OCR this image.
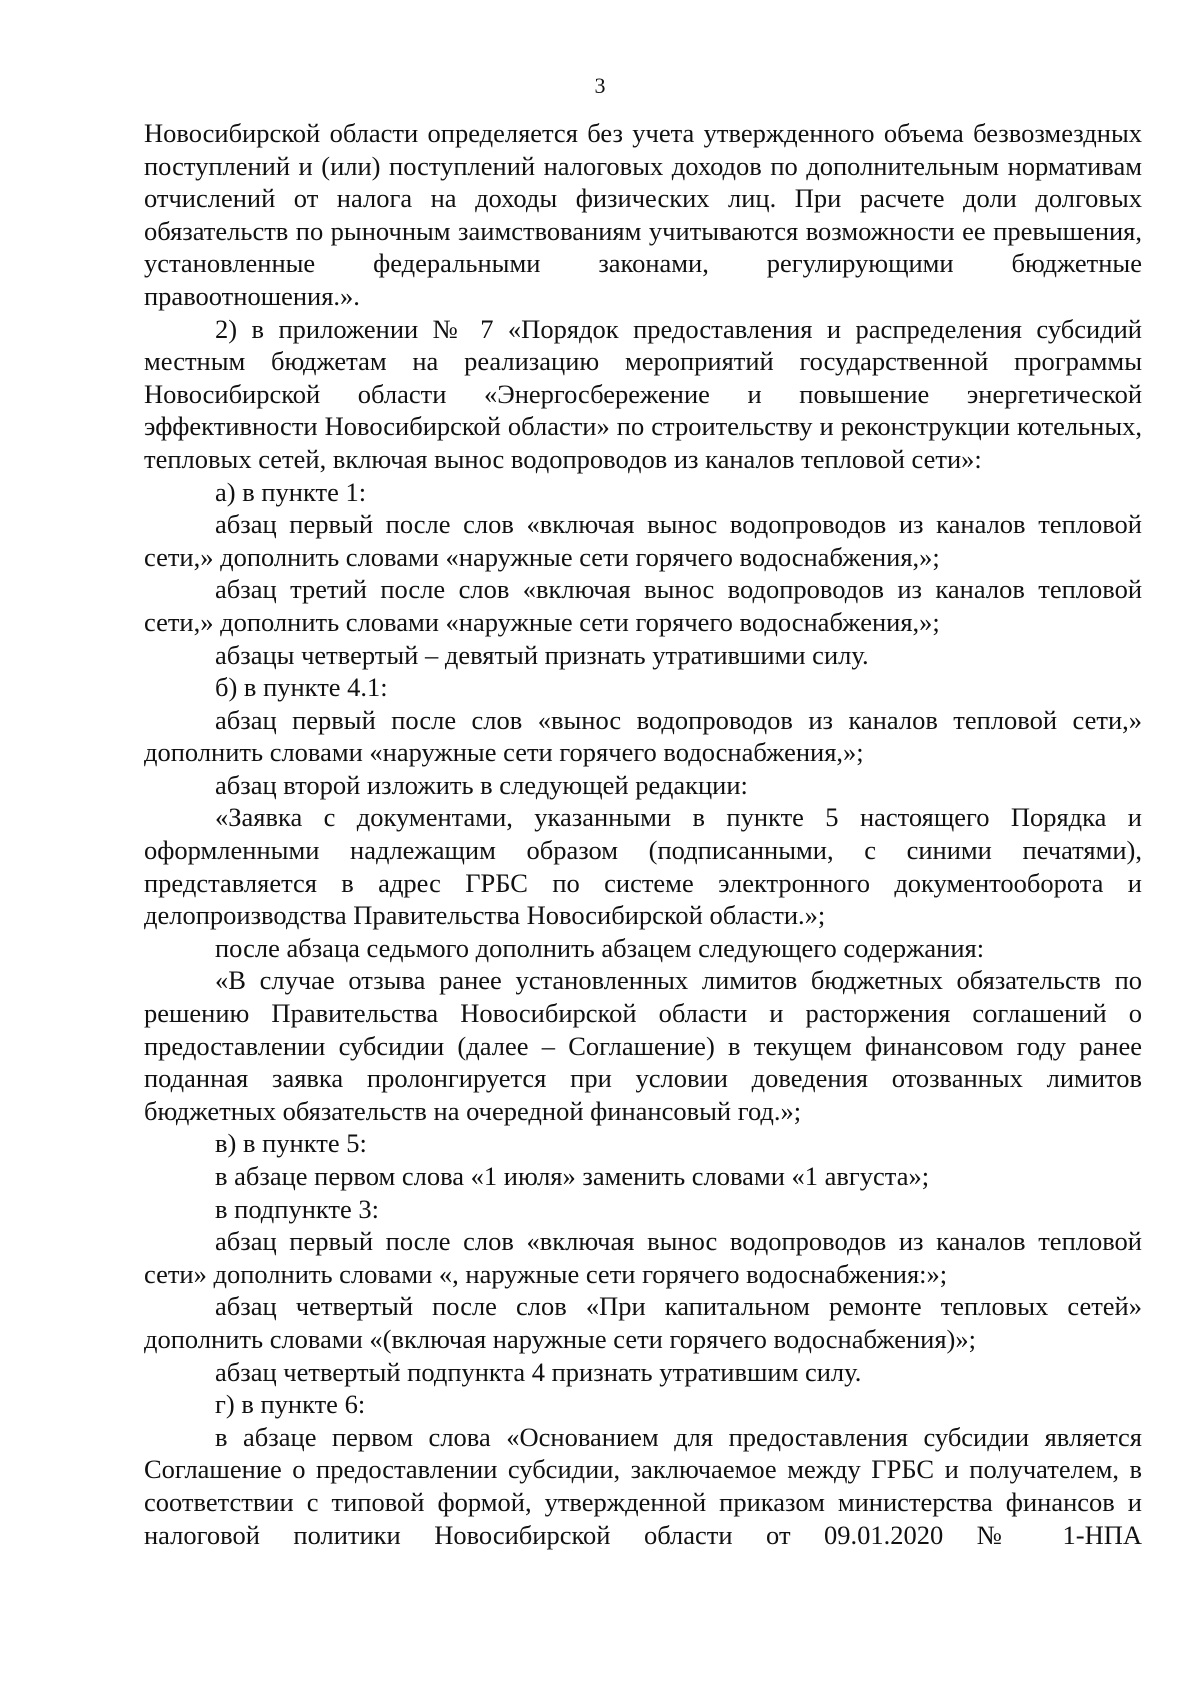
3

Новосибирской области определяется без учета утвержденного объема безвозмездных поступлений и (или) поступлений налоговых доходов по дополнительным нормативам отчислений от налога на доходы физических лиц. При расчете доли долговых обязательств по рыночным заимствованиям учитываются возможности ее превышения, установленные федеральными законами, регулирующими бюджетные правоотношения.».

2) в приложении № 7 «Порядок предоставления и распределения субсидий местным бюджетам на реализацию мероприятий государственной программы Новосибирской области «Энергосбережение и повышение энергетической эффективности Новосибирской области» по строительству и реконструкции котельных, тепловых сетей, включая вынос водопроводов из каналов тепловой сети»:

а) в пункте 1:

абзац первый после слов «включая вынос водопроводов из каналов тепловой сети,» дополнить словами «наружные сети горячего водоснабжения,»;

абзац третий после слов «включая вынос водопроводов из каналов тепловой сети,» дополнить словами «наружные сети горячего водоснабжения,»;

абзацы четвертый – девятый признать утратившими силу.

б) в пункте 4.1:

абзац первый после слов «вынос водопроводов из каналов тепловой сети,» дополнить словами «наружные сети горячего водоснабжения,»;

абзац второй изложить в следующей редакции:

«Заявка с документами, указанными в пункте 5 настоящего Порядка и оформленными надлежащим образом (подписанными, с синими печатями), представляется в адрес ГРБС по системе электронного документооборота и делопроизводства Правительства Новосибирской области.»;

после абзаца седьмого дополнить абзацем следующего содержания:

«В случае отзыва ранее установленных лимитов бюджетных обязательств по решению Правительства Новосибирской области и расторжения соглашений о предоставлении субсидии (далее – Соглашение) в текущем финансовом году ранее поданная заявка пролонгируется при условии доведения отозванных лимитов бюджетных обязательств на очередной финансовый год.»;

в) в пункте 5:

в абзаце первом слова «1 июля» заменить словами «1 августа»;

в подпункте 3:

абзац первый после слов «включая вынос водопроводов из каналов тепловой сети» дополнить словами «, наружные сети горячего водоснабжения:»;

абзац четвертый после слов «При капитальном ремонте тепловых сетей» дополнить словами «(включая наружные сети горячего водоснабжения)»;

абзац четвертый подпункта 4 признать утратившим силу.

г) в пункте 6:

в абзаце первом слова «Основанием для предоставления субсидии является Соглашение о предоставлении субсидии, заключаемое между ГРБС и получателем, в соответствии с типовой формой, утвержденной приказом министерства финансов и налоговой политики Новосибирской области от 09.01.2020 № 1-НПА
